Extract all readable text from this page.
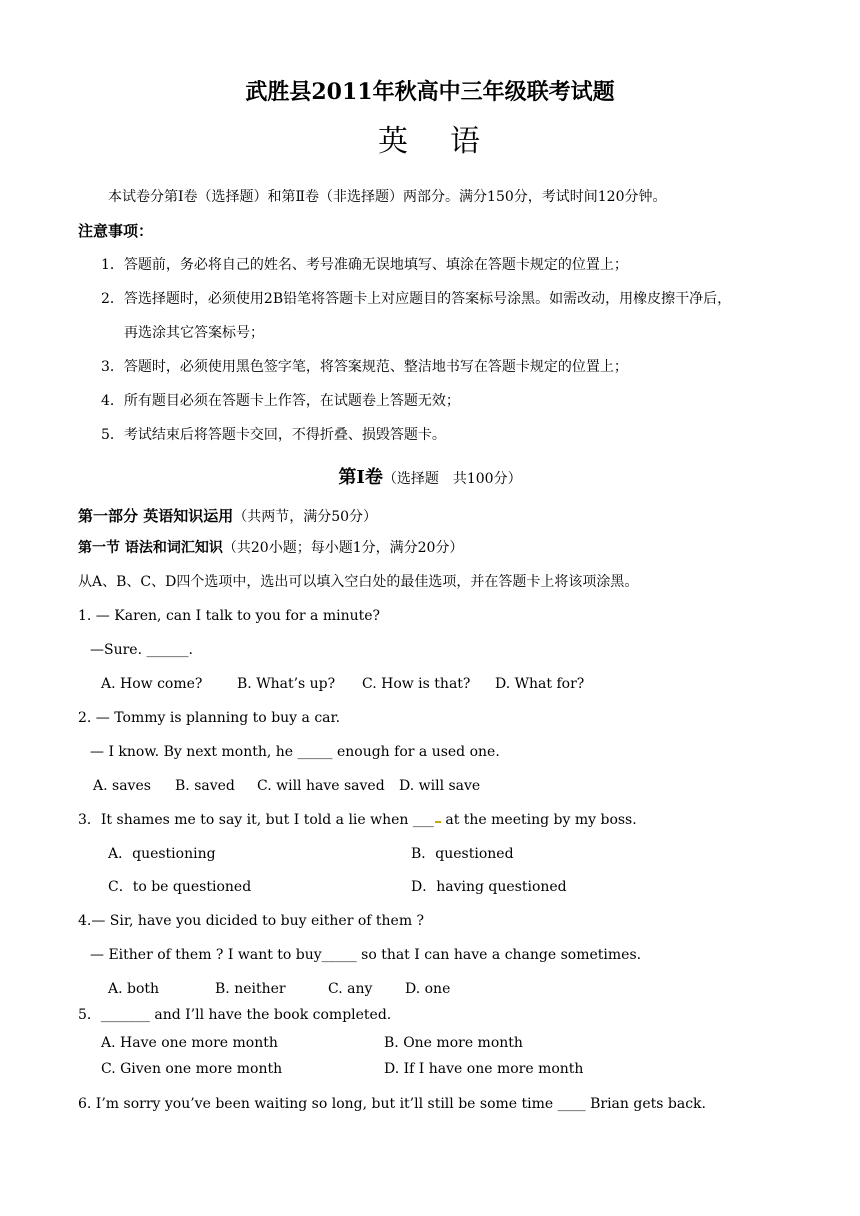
武胜县2011年秋高中三年级联考试题
英 语
本试卷分第Ⅰ卷（选择题）和第Ⅱ卷（非选择题）两部分。满分150分，考试时间120分钟。
注意事项：
1．答题前，务必将自己的姓名、考号准确无误地填写、填涂在答题卡规定的位置上；
2．答选择题时，必须使用2B铅笔将答题卡上对应题目的答案标号涂黑。如需改动，用橡皮擦干净后，
再选涂其它答案标号；
3．答题时，必须使用黑色签字笔，将答案规范、整洁地书写在答题卡规定的位置上；
4．所有题目必须在答题卡上作答，在试题卷上答题无效；
5．考试结束后将答题卡交回，不得折叠、损毁答题卡。
第Ⅰ卷（选择题　共100分）
第一部分 英语知识运用（共两节，满分50分）
第一节 语法和词汇知识（共20小题；每小题1分，满分20分）
从A、B、C、D四个选项中，选出可以填入空白处的最佳选项，并在答题卡上将该项涂黑。
1. — Karen, can I talk to you for a minute?
—Sure. ______.
A. How come? B. What’s up? C. How is that? D. What for?
2. — Tommy is planning to buy a car.
— I know. By next month, he _____ enough for a used one.
A. saves B. saved C. will have saved D. will save
3．It shames me to say it, but I told a lie when ___ at the meeting by my boss.
A．questioning	B．questioned
C．to be questioned	D．having questioned
4.— Sir, have you dicided to buy either of them ?
— Either of them ? I want to buy_____ so that I can have a change sometimes.
A. both	B. neither	C. any D. one
5．_______ and I’ll have the book completed.
A. Have one more month	B. One more month
C. Given one more month	D. If I have one more month
6. I’m sorry you’ve been waiting so long, but it’ll still be some time ____ Brian gets back.
